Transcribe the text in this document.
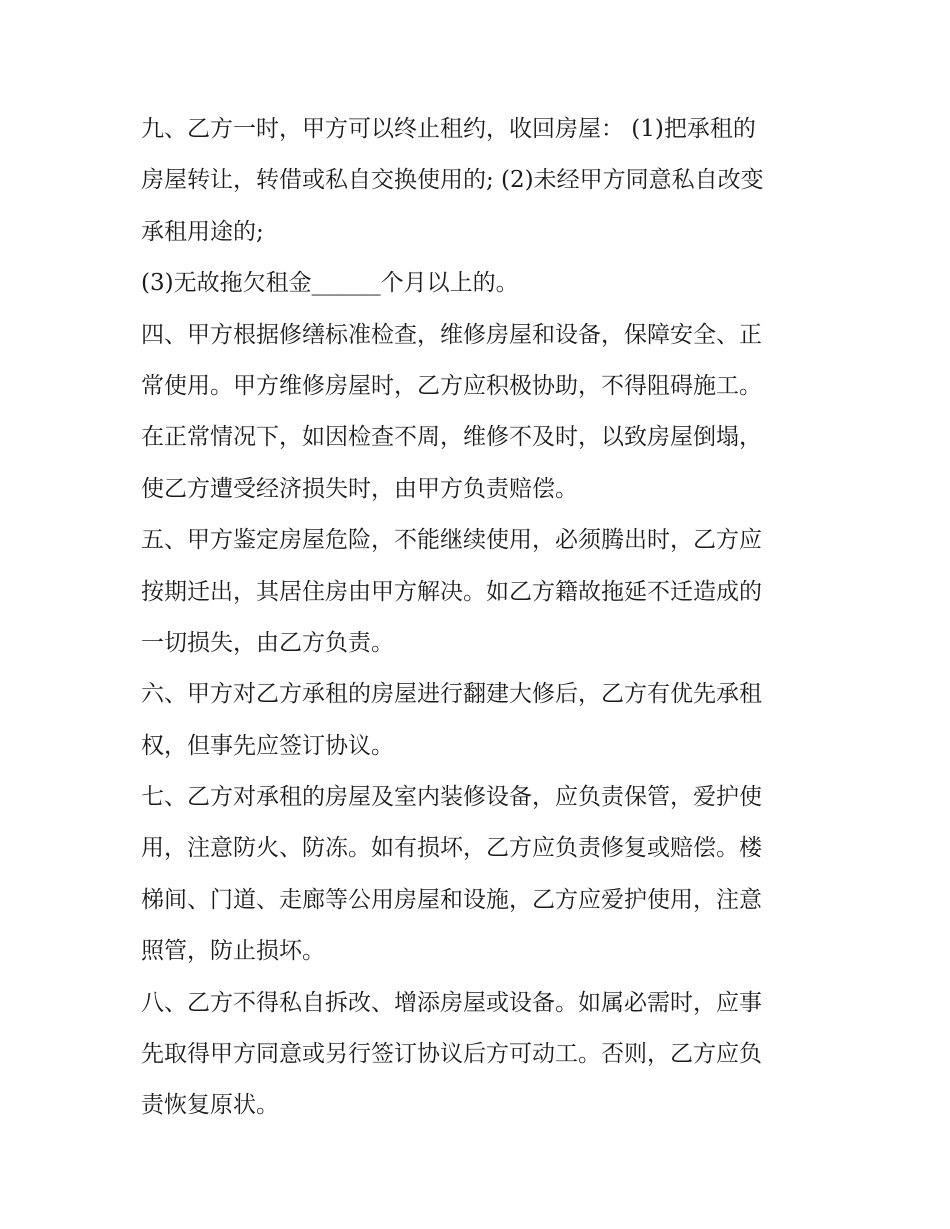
九、乙方一时，甲方可以终止租约，收回房屋： (1)把承租的
房屋转让，转借或私自交换使用的; (2)未经甲方同意私自改变
承租用途的;
(3)无故拖欠租金______个月以上的。
四、甲方根据修缮标准检查，维修房屋和设备，保障安全、正
常使用。甲方维修房屋时，乙方应积极协助，不得阻碍施工。
在正常情况下，如因检查不周，维修不及时，以致房屋倒塌，
使乙方遭受经济损失时，由甲方负责赔偿。
五、甲方鉴定房屋危险，不能继续使用，必须腾出时，乙方应
按期迁出，其居住房由甲方解决。如乙方籍故拖延不迁造成的
一切损失，由乙方负责。
六、甲方对乙方承租的房屋进行翻建大修后，乙方有优先承租
权，但事先应签订协议。
七、乙方对承租的房屋及室内装修设备，应负责保管，爱护使
用，注意防火、防冻。如有损坏，乙方应负责修复或赔偿。楼
梯间、门道、走廊等公用房屋和设施，乙方应爱护使用，注意
照管，防止损坏。
八、乙方不得私自拆改、增添房屋或设备。如属必需时，应事
先取得甲方同意或另行签订协议后方可动工。否则，乙方应负
责恢复原状。
